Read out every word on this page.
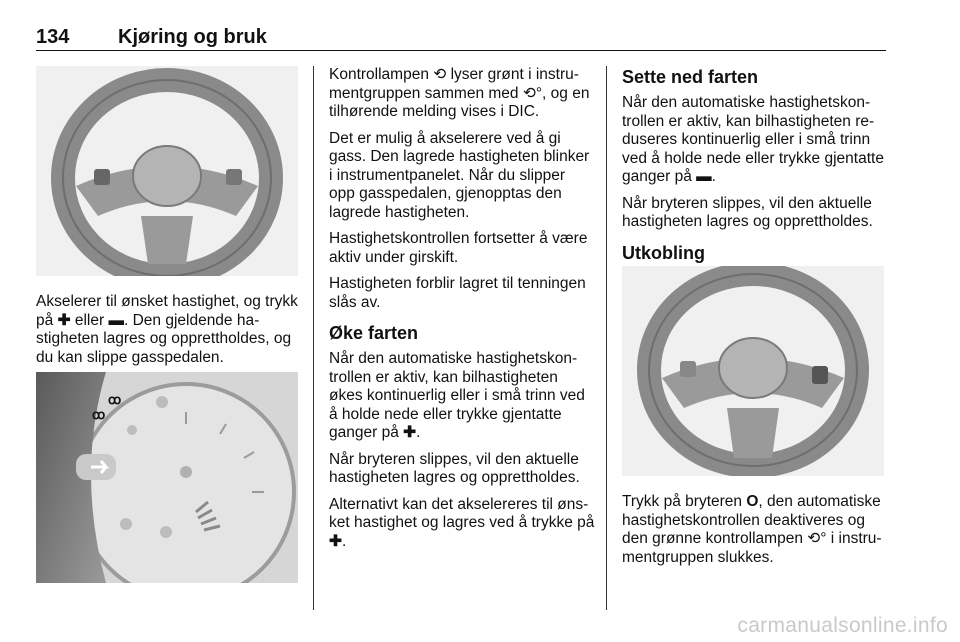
134 Kjøring og bruk

Akselerer til ønsket hastighet, og trykk på ✚ eller ▬. Den gjeldende hastigheten lagres og opprettholdes, og du kan slippe gasspedalen.

ꝏ
ꝏ

Kontrollampen ⟲ lyser grønt i instrumentgruppen sammen med ⟲°, og en tilhørende melding vises i DIC.

Det er mulig å akselerere ved å gi gass. Den lagrede hastigheten blinker i instrumentpanelet. Når du slipper opp gasspedalen, gjenopptas den lagrede hastigheten.

Hastighetskontrollen fortsetter å være aktiv under girskift.

Hastigheten forblir lagret til tenningen slås av.

Øke farten

Når den automatiske hastighetskontrollen er aktiv, kan bilhastigheten økes kontinuerlig eller i små trinn ved å holde nede eller trykke gjentatte ganger på ✚.

Når bryteren slippes, vil den aktuelle hastigheten lagres og opprettholdes.

Alternativt kan det akselereres til ønsket hastighet og lagres ved å trykke på ✚.

Sette ned farten

Når den automatiske hastighetskontrollen er aktiv, kan bilhastigheten reduseres kontinuerlig eller i små trinn ved å holde nede eller trykke gjentatte ganger på ▬.

Når bryteren slippes, vil den aktuelle hastigheten lagres og opprettholdes.

Utkobling

Trykk på bryteren O, den automatiske hastighetskontrollen deaktiveres og den grønne kontrollampen ⟲° i instrumentgruppen slukkes.

carmanualsonline.info
